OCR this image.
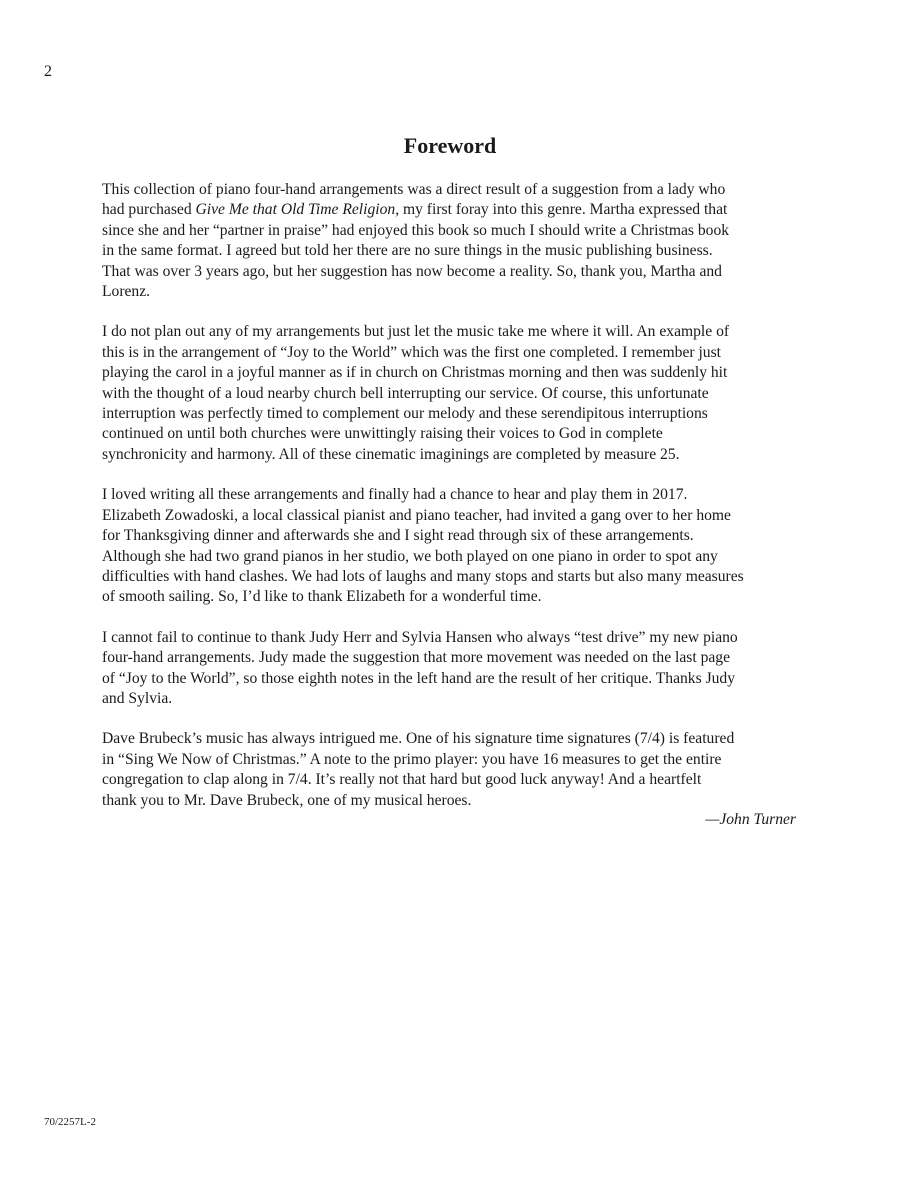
2
Foreword

This collection of piano four-hand arrangements was a direct result of a suggestion from a lady who
had purchased Give Me that Old Time Religion, my first foray into this genre. Martha expressed that
since she and her “partner in praise” had enjoyed this book so much I should write a Christmas book
in the same format. I agreed but told her there are no sure things in the music publishing business.
That was over 3 years ago, but her suggestion has now become a reality. So, thank you, Martha and
Lorenz.

I do not plan out any of my arrangements but just let the music take me where it will. An example of
this is in the arrangement of “Joy to the World” which was the first one completed. I remember just
playing the carol in a joyful manner as if in church on Christmas morning and then was suddenly hit
with the thought of a loud nearby church bell interrupting our service. Of course, this unfortunate
interruption was perfectly timed to complement our melody and these serendipitous interruptions
continued on until both churches were unwittingly raising their voices to God in complete
synchronicity and harmony. All of these cinematic imaginings are completed by measure 25.

I loved writing all these arrangements and finally had a chance to hear and play them in 2017.
Elizabeth Zowadoski, a local classical pianist and piano teacher, had invited a gang over to her home
for Thanksgiving dinner and afterwards she and I sight read through six of these arrangements.
Although she had two grand pianos in her studio, we both played on one piano in order to spot any
difficulties with hand clashes. We had lots of laughs and many stops and starts but also many measures
of smooth sailing. So, I’d like to thank Elizabeth for a wonderful time.

I cannot fail to continue to thank Judy Herr and Sylvia Hansen who always “test drive” my new piano
four-hand arrangements. Judy made the suggestion that more movement was needed on the last page
of “Joy to the World”, so those eighth notes in the left hand are the result of her critique. Thanks Judy
and Sylvia.

Dave Brubeck’s music has always intrigued me. One of his signature time signatures (7/4) is featured
in “Sing We Now of Christmas.” A note to the primo player: you have 16 measures to get the entire
congregation to clap along in 7/4. It’s really not that hard but good luck anyway! And a heartfelt
thank you to Mr. Dave Brubeck, one of my musical heroes.

—John Turner
70/2257L-2
